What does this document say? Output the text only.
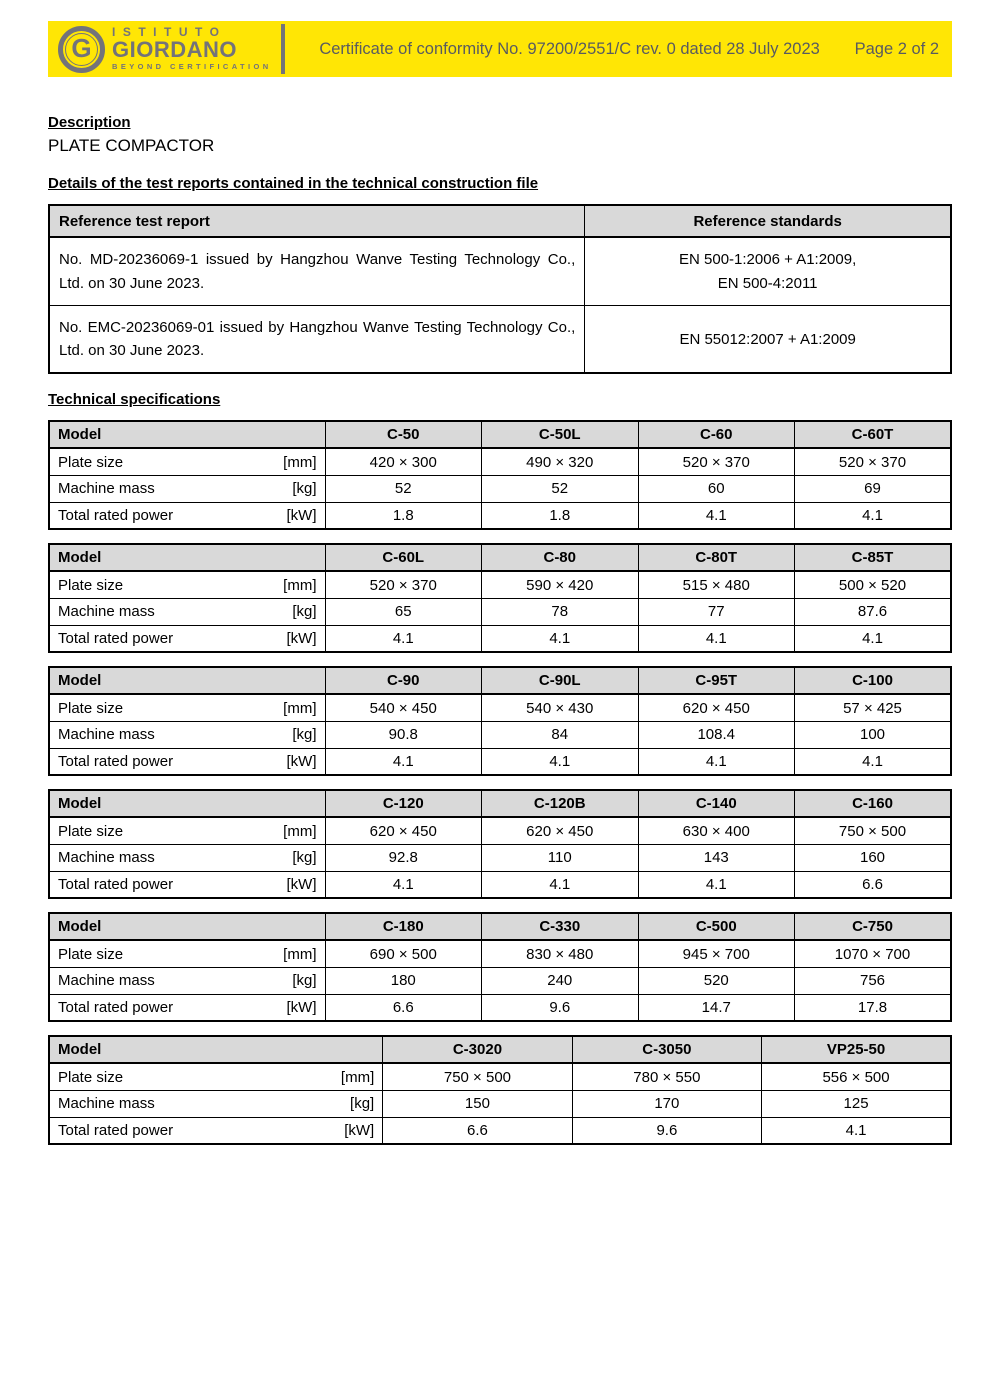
G
ISTITUTO
GIORDANO
BEYOND CERTIFICATION
Certificate of conformity No. 97200/2551/C rev. 0 dated 28 July 2023	Page 2 of 2
Description
PLATE COMPACTOR
Details of the test reports contained in the technical construction file
Reference test report	Reference standards
No. MD-20236069-1 issued by Hangzhou Wanve Testing Technology Co., Ltd. on 30 June 2023.	EN 500-1:2006 + A1:2009,
EN 500-4:2011

No. EMC-20236069-01 issued by Hangzhou Wanve Testing Technology Co., Ltd. on 30 June 2023.	EN 55012:2007 + A1:2009
Technical specifications
Model	C-50	C-50L	C-60	C-60T

Plate size [mm]	420 × 300	490 × 320	520 × 370	520 × 370

Machine mass [kg]	52	52	60	69

Total rated power [kW]	1.8	1.8	4.1	4.1
Model	C-60L	C-80	C-80T	C-85T

Plate size [mm]	520 × 370	590 × 420	515 × 480	500 × 520

Machine mass [kg]	65	78	77	87.6

Total rated power [kW]	4.1	4.1	4.1	4.1
Model	C-90	C-90L	C-95T	C-100

Plate size [mm]	540 × 450	540 × 430	620 × 450	57 × 425

Machine mass [kg]	90.8	84	108.4	100

Total rated power [kW]	4.1	4.1	4.1	4.1
Model	C-120	C-120B	C-140	C-160

Plate size [mm]	620 × 450	620 × 450	630 × 400	750 × 500

Machine mass [kg]	92.8	110	143	160

Total rated power [kW]	4.1	4.1	4.1	6.6
Model	C-180	C-330	C-500	C-750

Plate size [mm]	690 × 500	830 × 480	945 × 700	1070 × 700

Machine mass [kg]	180	240	520	756

Total rated power [kW]	6.6	9.6	14.7	17.8
Model	C-3020	C-3050	VP25-50

Plate size [mm]	750 × 500	780 × 550	556 × 500

Machine mass [kg]	150	170	125

Total rated power [kW]	6.6	9.6	4.1
